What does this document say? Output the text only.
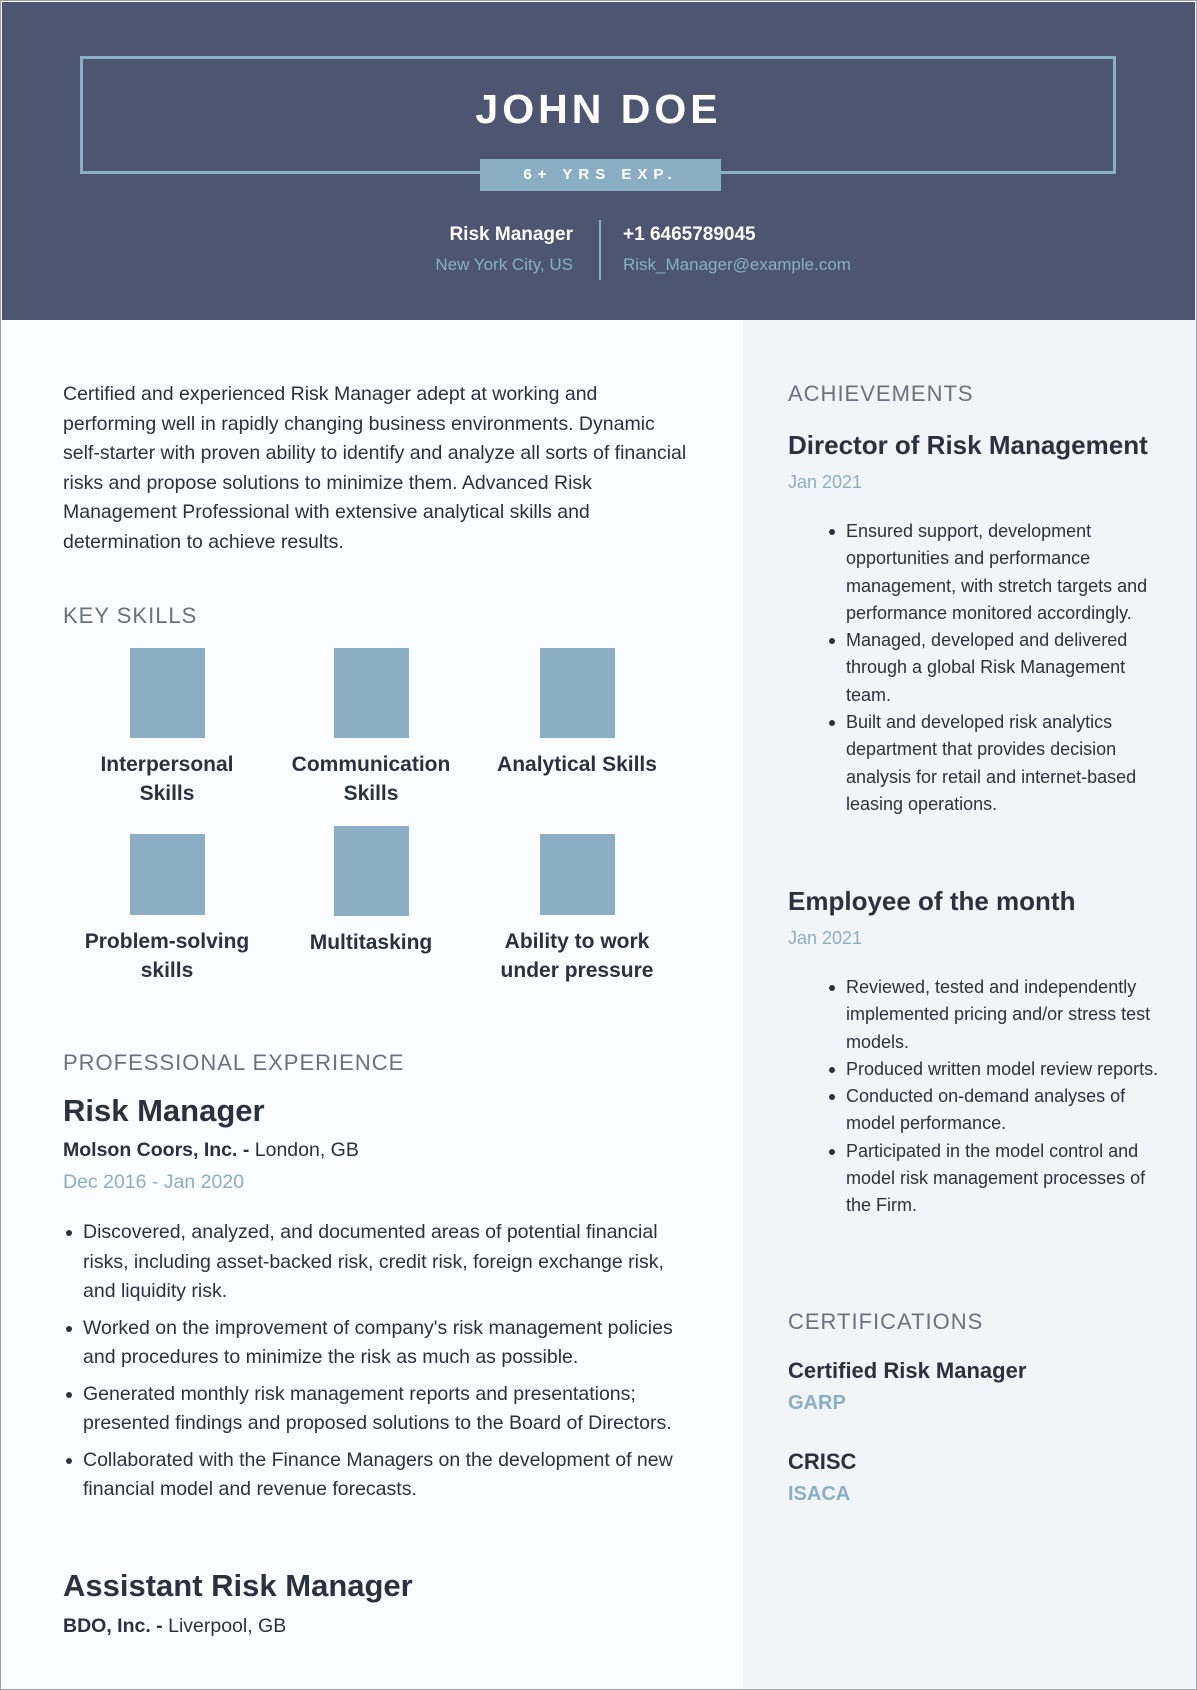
JOHN DOE
6+ YRS EXP.
Risk Manager
New York City, US
+1 6465789045
Risk_Manager@example.com

Certified and experienced Risk Manager adept at working and performing well in rapidly changing business environments. Dynamic self-starter with proven ability to identify and analyze all sorts of financial risks and propose solutions to minimize them. Advanced Risk Management Professional with extensive analytical skills and determination to achieve results.

KEY SKILLS
Interpersonal Skills
Communication Skills
Analytical Skills
Problem-solving skills
Multitasking	Ability to work under pressure
PROFESSIONAL EXPERIENCE
Risk Manager
Molson Coors, Inc. - London, GB
Dec 2016 - Jan 2020
Discovered, analyzed, and documented areas of potential financial risks, including asset-backed risk, credit risk, foreign exchange risk, and liquidity risk.
Worked on the improvement of company's risk management policies and procedures to minimize the risk as much as possible.
Generated monthly risk management reports and presentations; presented findings and proposed solutions to the Board of Directors.
Collaborated with the Finance Managers on the development of new financial model and revenue forecasts.
Assistant Risk Manager
BDO, Inc. - Liverpool, GB
ACHIEVEMENTS
Director of Risk Management
Jan 2021
Ensured support, development opportunities and performance management, with stretch targets and performance monitored accordingly.
Managed, developed and delivered through a global Risk Management team.
Built and developed risk analytics department that provides decision analysis for retail and internet-based leasing operations.
Employee of the month
Jan 2021
Reviewed, tested and independently implemented pricing and/or stress test models.
Produced written model review reports.
Conducted on-demand analyses of model performance.
Participated in the model control and model risk management processes of the Firm.
CERTIFICATIONS
Certified Risk Manager
GARP
CRISC
ISACA
